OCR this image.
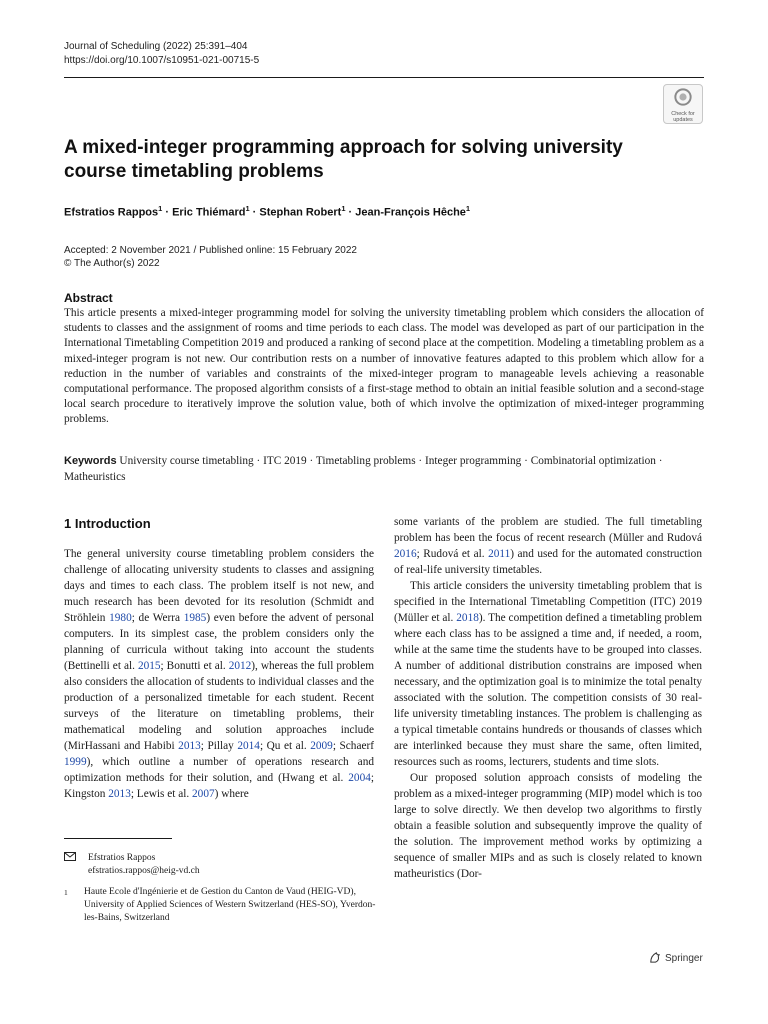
Journal of Scheduling (2022) 25:391–404
https://doi.org/10.1007/s10951-021-00715-5
Check for
updates
A mixed-integer programming approach for solving university course timetabling problems
Efstratios Rappos$^1$ · Eric Thiémard$^1$ · Stephan Robert$^1$ · Jean-François Hêche$^1$
Accepted: 2 November 2021 / Published online: 15 February 2022
© The Author(s) 2022
Abstract
This article presents a mixed-integer programming model for solving the university timetabling problem which considers the allocation of students to classes and the assignment of rooms and time periods to each class. The model was developed as part of our participation in the International Timetabling Competition 2019 and produced a ranking of second place at the competition. Modeling a timetabling problem as a mixed-integer program is not new. Our contribution rests on a number of innovative features adapted to this problem which allow for a reduction in the number of variables and constraints of the mixed-integer program to manageable levels achieving a reasonable computational performance. The proposed algorithm consists of a first-stage method to obtain an initial feasible solution and a second-stage local search procedure to iteratively improve the solution value, both of which involve the optimization of mixed-integer programming problems.
Keywords University course timetabling · ITC 2019 · Timetabling problems · Integer programming · Combinatorial optimization · Matheuristics
1 Introduction

The general university course timetabling problem considers the challenge of allocating university students to classes and assigning days and times to each class. The problem itself is not new, and much research has been devoted for its resolution (Schmidt and Ströhlein 1980; de Werra 1985) even before the advent of personal computers. In its simplest case, the problem considers only the planning of curricula without taking into account the students (Bettinelli et al. 2015; Bonutti et al. 2012), whereas the full problem also considers the allocation of students to individual classes and the production of a personalized timetable for each student. Recent surveys of the literature on timetabling problems, their mathematical modeling and solution approaches include (MirHassani and Habibi 2013; Pillay 2014; Qu et al. 2009; Schaerf 1999), which outline a number of operations research and optimization methods for their solution, and (Hwang et al. 2004; Kingston 2013; Lewis et al. 2007) where

some variants of the problem are studied. The full timetabling problem has been the focus of recent research (Müller and Rudová 2016; Rudová et al. 2011) and used for the automated construction of real-life university timetables.

This article considers the university timetabling problem that is specified in the International Timetabling Competition (ITC) 2019 (Müller et al. 2018). The competition defined a timetabling problem where each class has to be assigned a time and, if needed, a room, while at the same time the students have to be grouped into classes. A number of additional distribution constrains are imposed when necessary, and the optimization goal is to minimize the total penalty associated with the solution. The competition consists of 30 real-life university timetabling instances. The problem is challenging as a typical timetable contains hundreds or thousands of classes which are interlinked because they must share the same, often limited, resources such as rooms, lecturers, students and time slots.

Our proposed solution approach consists of modeling the problem as a mixed-integer programming (MIP) model which is too large to solve directly. We then develop two algorithms to firstly obtain a feasible solution and subsequently improve the quality of the solution. The improvement method works by optimizing a sequence of smaller MIPs and as such is closely related to known matheuristics (Dor-

Efstratios Rappos
efstratios.rappos@heig-vd.ch
1 Haute Ecole d'Ingénierie et de Gestion du Canton de Vaud (HEIG-VD), University of Applied Sciences of Western Switzerland (HES-SO), Yverdon-les-Bains, Switzerland
Springer
